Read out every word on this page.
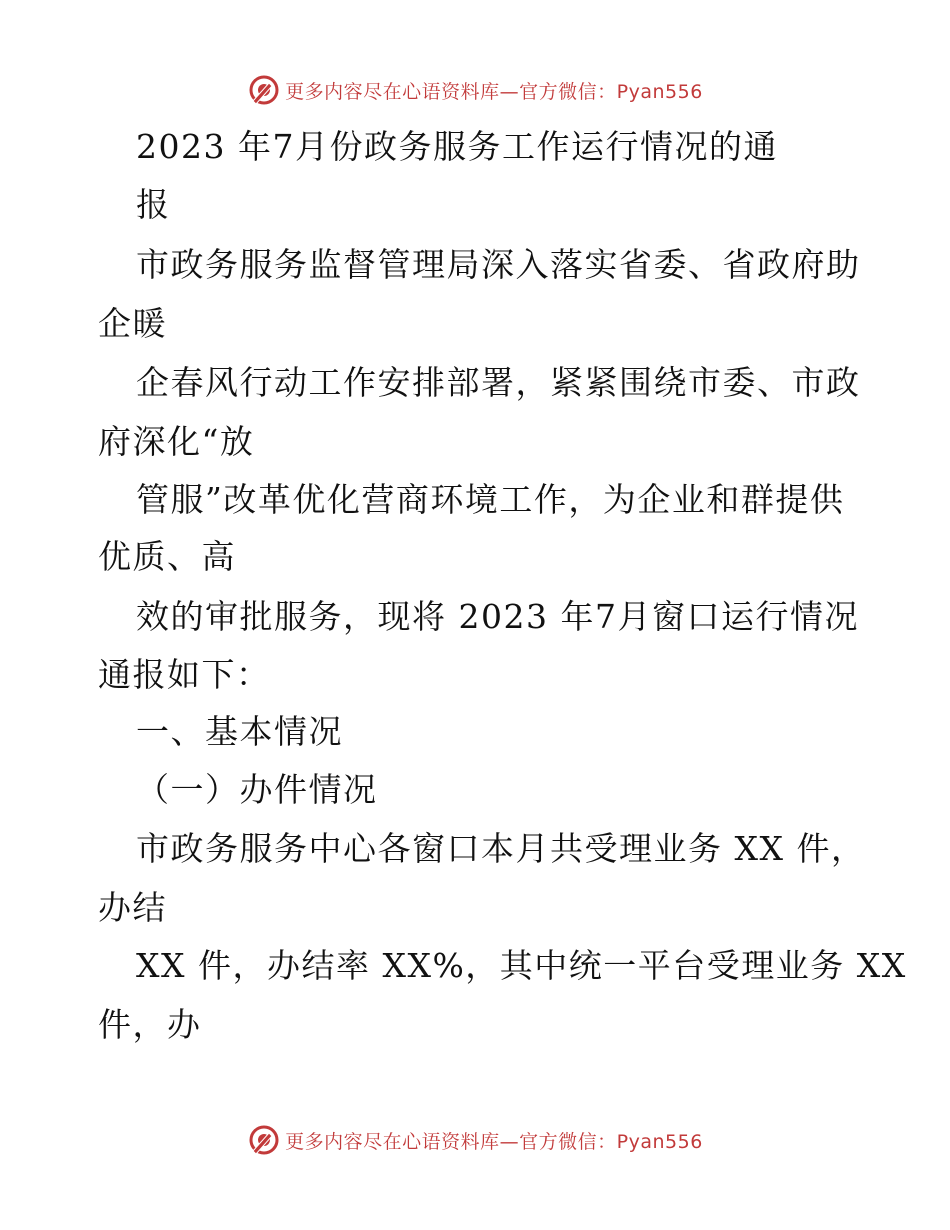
更多内容尽在心语资料库—官方微信：Pyan556
2023 年7月份政务服务工作运行情况的通
报
市政务服务监督管理局深入落实省委、省政府助
企暖
企春风行动工作安排部署，紧紧围绕市委、市政
府深化“放
管服”改革优化营商环境工作，为企业和群提供
优质、高
效的审批服务，现将 2023 年7月窗口运行情况
通报如下：
一、基本情况
（一）办件情况
市政务服务中心各窗口本月共受理业务 XX 件，
办结
XX 件，办结率 XX%，其中统一平台受理业务 XX
件，办
更多内容尽在心语资料库—官方微信：Pyan556
